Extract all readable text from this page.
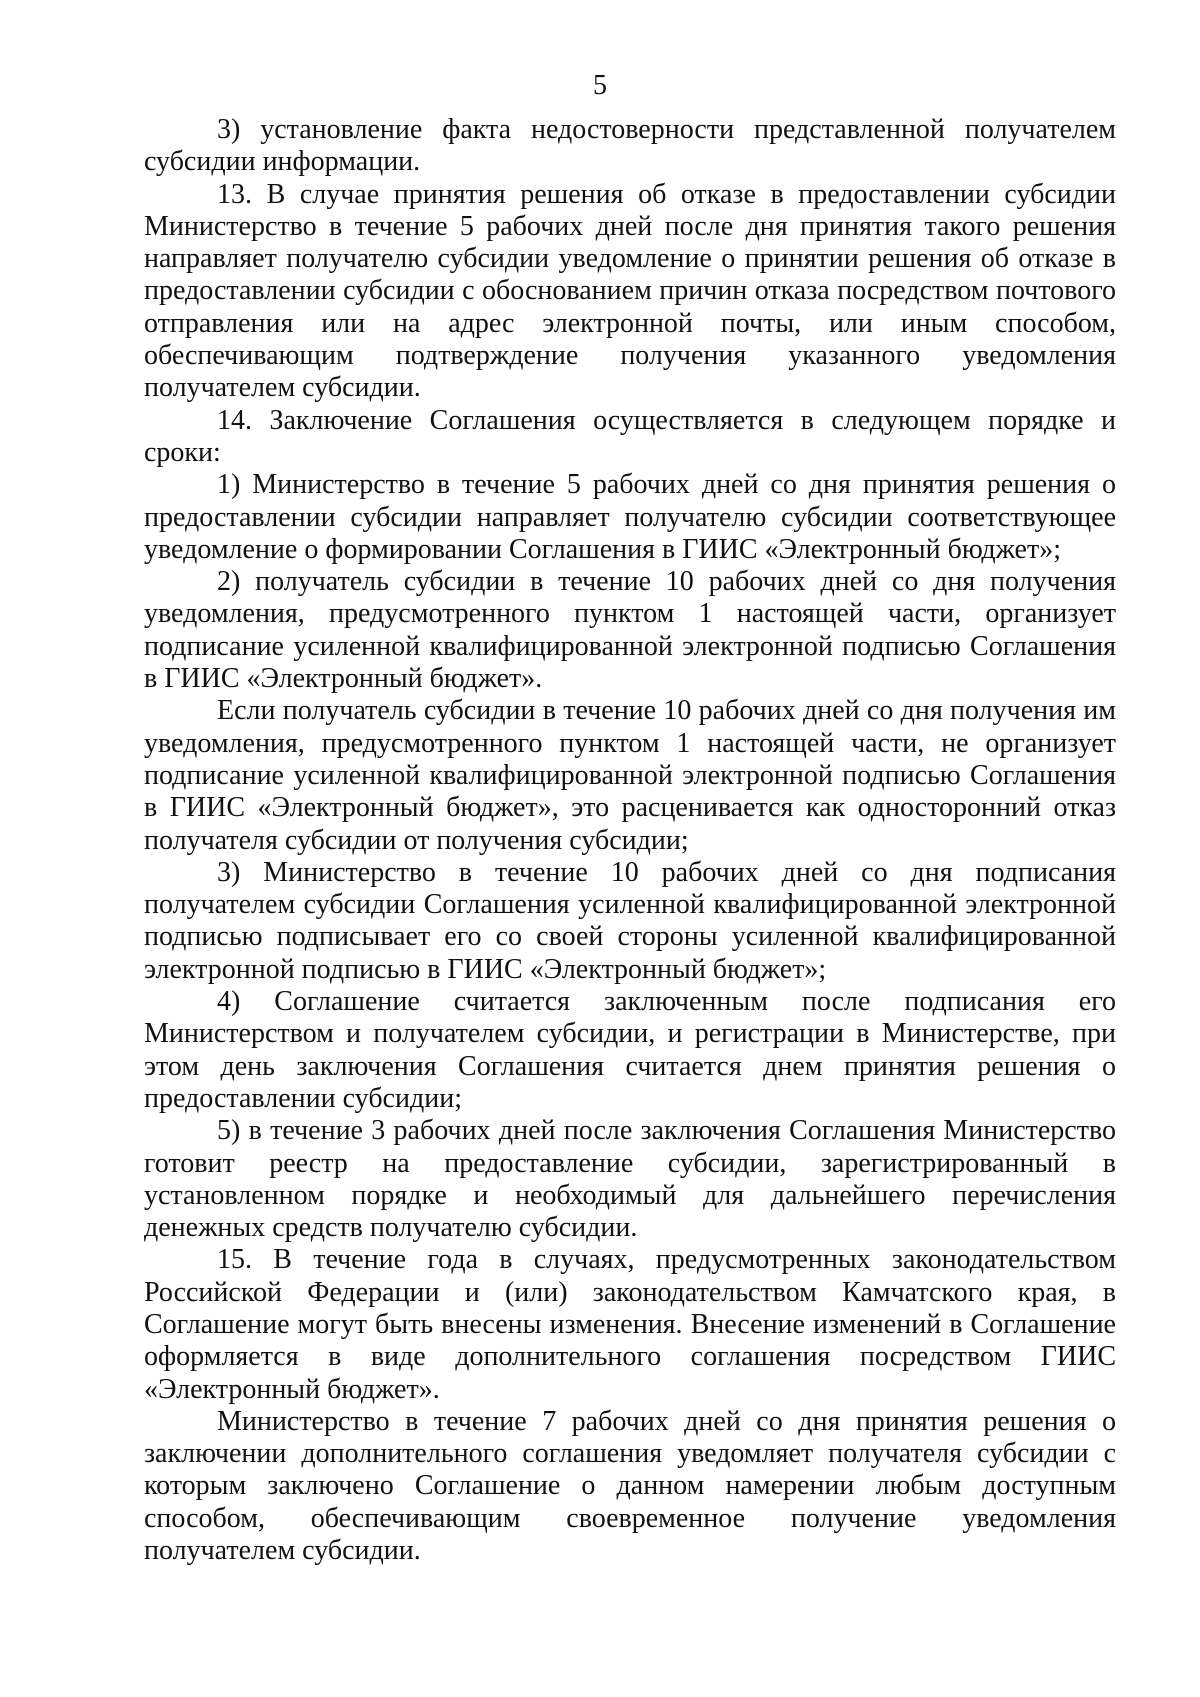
5

3) установление факта недостоверности представленной получателем субсидии информации.

13. В случае принятия решения об отказе в предоставлении субсидии Министерство в течение 5 рабочих дней после дня принятия такого решения направляет получателю субсидии уведомление о принятии решения об отказе в предоставлении субсидии с обоснованием причин отказа посредством почтового отправления или на адрес электронной почты, или иным способом, обеспечивающим подтверждение получения указанного уведомления получателем субсидии.

14. Заключение Соглашения осуществляется в следующем порядке и сроки:

1) Министерство в течение 5 рабочих дней со дня принятия решения о предоставлении субсидии направляет получателю субсидии соответствующее уведомление о формировании Соглашения в ГИИС «Электронный бюджет»;

2) получатель субсидии в течение 10 рабочих дней со дня получения уведомления, предусмотренного пунктом 1 настоящей части, организует подписание усиленной квалифицированной электронной подписью Соглашения в ГИИС «Электронный бюджет».

Если получатель субсидии в течение 10 рабочих дней со дня получения им уведомления, предусмотренного пунктом 1 настоящей части, не организует подписание усиленной квалифицированной электронной подписью Соглашения в ГИИС «Электронный бюджет», это расценивается как односторонний отказ получателя субсидии от получения субсидии;

3) Министерство в течение 10 рабочих дней со дня подписания получателем субсидии Соглашения усиленной квалифицированной электронной подписью подписывает его со своей стороны усиленной квалифицированной электронной подписью в ГИИС «Электронный бюджет»;

4) Соглашение считается заключенным после подписания его Министерством и получателем субсидии, и регистрации в Министерстве, при этом день заключения Соглашения считается днем принятия решения о предоставлении субсидии;

5) в течение 3 рабочих дней после заключения Соглашения Министерство готовит реестр на предоставление субсидии, зарегистрированный в установленном порядке и необходимый для дальнейшего перечисления денежных средств получателю субсидии.

15. В течение года в случаях, предусмотренных законодательством Российской Федерации и (или) законодательством Камчатского края, в Соглашение могут быть внесены изменения. Внесение изменений в Соглашение оформляется в виде дополнительного соглашения посредством ГИИС «Электронный бюджет».

Министерство в течение 7 рабочих дней со дня принятия решения о заключении дополнительного соглашения уведомляет получателя субсидии с которым заключено Соглашение о данном намерении любым доступным способом, обеспечивающим своевременное получение уведомления получателем субсидии.
